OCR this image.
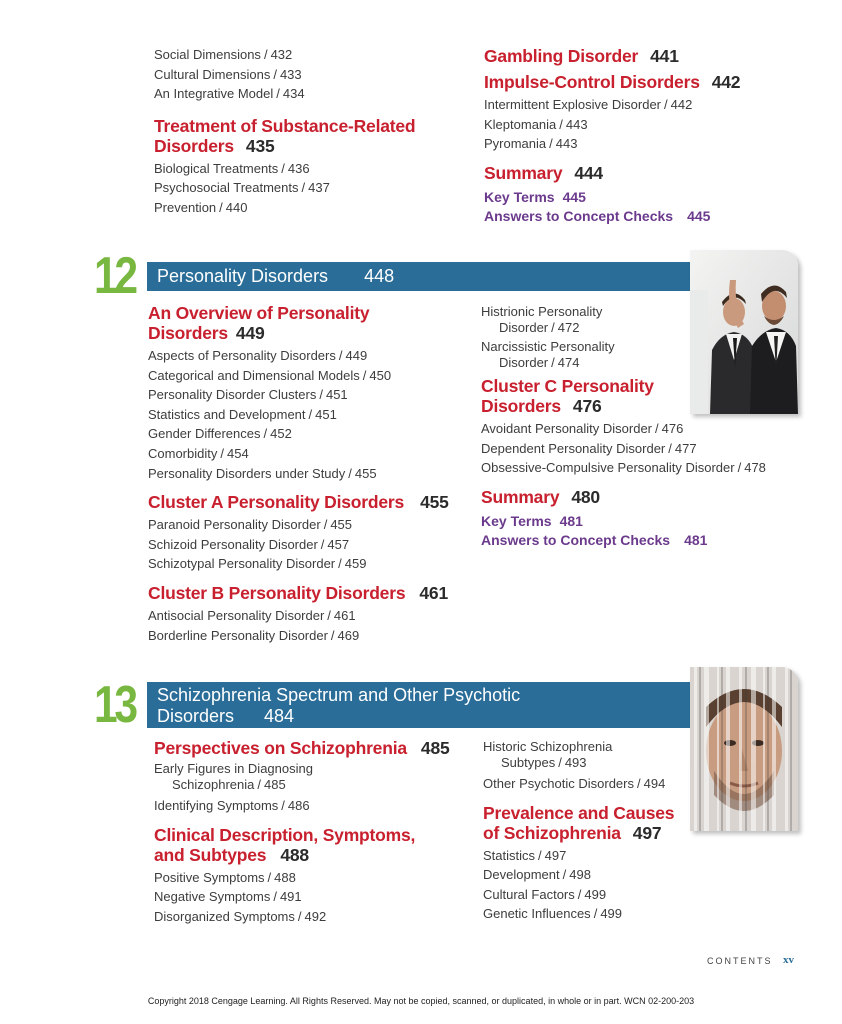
Social Dimensions / 432
Cultural Dimensions / 433
An Integrative Model / 434
Treatment of Substance-Related
Disorders 435
Biological Treatments / 436
Psychosocial Treatments / 437
Prevention / 440
Gambling Disorder 441
Impulse-Control Disorders 442
Intermittent Explosive Disorder / 442
Kleptomania / 443
Pyromania / 443
Summary 444
Key Terms 445
Answers to Concept Checks 445
12	Personality Disorders 448
An Overview of Personality
Disorders 449
Aspects of Personality Disorders / 449
Categorical and Dimensional Models / 450
Personality Disorder Clusters / 451
Statistics and Development / 451
Gender Differences / 452
Comorbidity / 454
Personality Disorders under Study / 455
Cluster A Personality Disorders 455
Paranoid Personality Disorder / 455
Schizoid Personality Disorder / 457
Schizotypal Personality Disorder / 459
Cluster B Personality Disorders 461
Antisocial Personality Disorder / 461
Borderline Personality Disorder / 469
Histrionic Personality
Disorder / 472
Narcissistic Personality
Disorder / 474
Cluster C Personality
Disorders 476
Avoidant Personality Disorder / 476
Dependent Personality Disorder / 477
Obsessive-Compulsive Personality Disorder / 478
Summary 480
Key Terms 481
Answers to Concept Checks 481
13 Schizophrenia Spectrum and Other Psychotic
Disorders 484
Perspectives on Schizophrenia 485
Early Figures in Diagnosing
Schizophrenia / 485
Identifying Symptoms / 486
Clinical Description, Symptoms,
and Subtypes 488
Positive Symptoms / 488
Negative Symptoms / 491
Disorganized Symptoms / 492
Historic Schizophrenia
Subtypes / 493
Other Psychotic Disorders / 494
Prevalence and Causes
of Schizophrenia 497
Statistics / 497
Development / 498
Cultural Factors / 499
Genetic Influences / 499
CONTENTS xv
Copyright 2018 Cengage Learning. All Rights Reserved. May not be copied, scanned, or duplicated, in whole or in part. WCN 02-200-203
